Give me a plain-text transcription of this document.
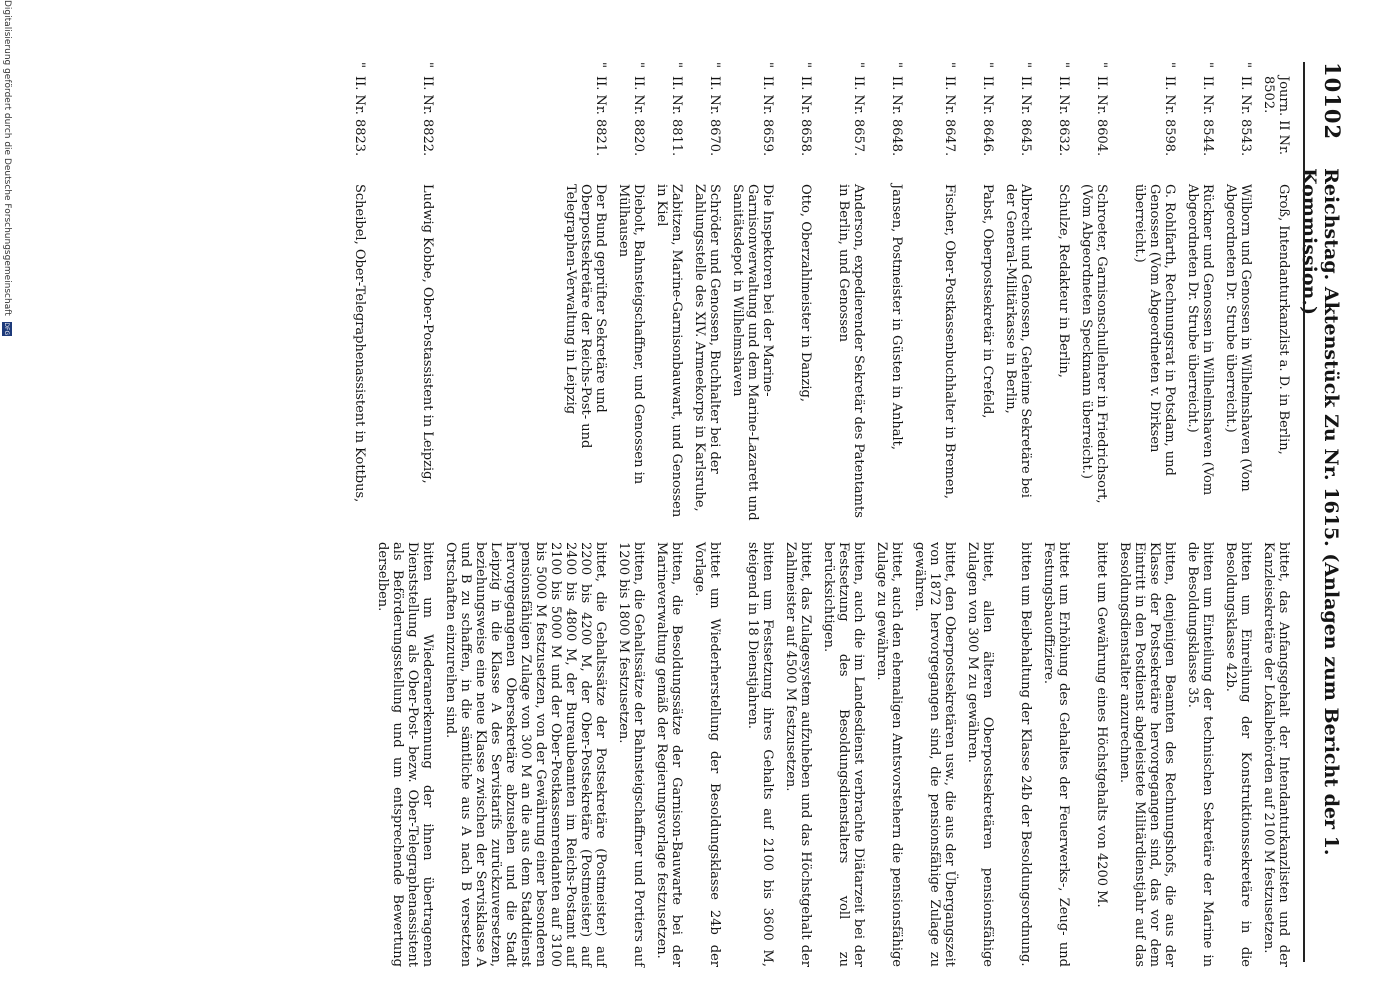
10102
Reichstag. Aktenstück Zu Nr. 1615. (Anlagen zum Bericht der 1. Kommission.)
Journ. II Nr. 8502.
Groß, Intendanturkanzlist a. D. in Berlin,
bittet, das Anfangsgehalt der Intendanturkanzlisten und der Kanzleisekretäre der Lokalbehörden auf 2100 M festzusetzen.
"
II. Nr. 8543.
Wilborn und Genossen in Wilhelmshaven (Vom Abgeordneten Dr. Strube überreicht.)
bitten um Einreihung der Konstruktionssekretäre in die Besoldungsklasse 42b.
"
II. Nr. 8544.
Rückner und Genossen in Wilhelmshaven (Vom Abgeordneten Dr. Strube überreicht.)
bitten um Einteilung der technischen Sekretäre der Marine in die Besoldungsklasse 35.
"
II. Nr. 8598.
G. Rohlfarth, Rechnungsrat in Potsdam, und Genossen (Vom Abgeordneten v. Dirksen überreicht.)
bitten, denjenigen Beamten des Rechnungshofs, die aus der Klasse der Postsekretäre hervorgegangen sind, das vor dem Eintritt in den Postdienst abgeleistete Militärdienstjahr auf das Besoldungsdienstalter anzurechnen.
"
II. Nr. 8604.
Schroeter, Garnisonschullehrer in Friedrichsort, (Vom Abgeordneten Speckmann überreicht.)
bittet um Gewährung eines Höchstgehalts von 4200 M.
"
II. Nr. 8632.
Schulze, Redakteur in Berlin,
bittet um Erhöhung des Gehaltes der Feuerwerks-, Zeug- und Festungsbauoffiziere.
"
II. Nr. 8645.
Albrecht und Genossen, Geheime Sekretäre bei der General-Militärkasse in Berlin,
bitten um Beibehaltung der Klasse 24b der Besoldungsordnung.
"
II. Nr. 8646.
Pabst, Oberpostsekretär in Crefeld,
bittet, allen älteren Oberpostsekretären pensionsfähige Zulagen von 300 M zu gewähren.
"
II. Nr. 8647.
Fischer, Ober-Postkassenbuchhalter in Bremen,
bittet, den Oberpostsekretären usw., die aus der Übergangszeit von 1872 hervorgegangen sind, die pensionsfähige Zulage zu gewähren.
"
II. Nr. 8648.
Jansen, Postmeister in Güsten in Anhalt,
bittet, auch den ehemaligen Amtsvorstehern die pensionsfähige Zulage zu gewähren.
"
II. Nr. 8657.
Anderson, expedierender Sekretär des Patentamts in Berlin, und Genossen
bitten, auch die im Landesdienst verbrachte Diätarzeit bei der Festsetzung des Besoldungsdienstalters voll zu berücksichtigen.
"
II. Nr. 8658.
Otto, Oberzahlmeister in Danzig,
bittet, das Zulagesystem aufzuheben und das Höchstgehalt der Zahlmeister auf 4500 M festzusetzen.
"
II. Nr. 8659.
Die Inspektoren bei der Marine-Garnisonverwaltung und dem Marine-Lazarett und Sanitätsdepot in Wilhelmshaven
bitten um Festsetzung ihres Gehalts auf 2100 bis 3600 M, steigend in 18 Dienstjahren.
"
II. Nr. 8670.
Schröder und Genossen, Buchhalter bei der Zahlungsstelle des XIV. Armeekorps in Karlsruhe,
bittet um Wiederherstellung der Besoldungsklasse 24b der Vorlage.
"
II. Nr. 8811.
Zabitzen, Marine-Garnisonbauwart, und Genossen in Kiel
bitten, die Besoldungssätze der Garnison-Bauwarte bei der Marineverwaltung gemäß der Regierungsvorlage festzusetzen.
"
II. Nr. 8820.
Diebolt, Bahnsteigschaffner, und Genossen in Mülhausen
bitten, die Gehaltssätze der Bahnsteigschaffner und Portiers auf 1200 bis 1800 M festzusetzen.
"
II. Nr. 8821.
Der Bund geprüfter Sekretäre und Oberpostsekretäre der Reichs-Post- und Telegraphen-Verwaltung in Leipzig
bittet, die Gehaltssätze der Postsekretäre (Postmeister) auf 2200 bis 4200 M, der Ober-Postsekretäre (Postmeister) auf 2400 bis 4800 M, der Bureaubeamten im Reichs-Postamt auf 2100 bis 5000 M und der Ober-Postkassenrendanten auf 3100 bis 5000 M festzusetzen, von der Gewährung einer besonderen pensionsfähigen Zulage von 300 M an die aus dem Stadtdienst hervorgegangenen Obersekretäre abzusehen und die Stadt Leipzig in die Klasse A des Servistarifs zurückzuversetzen, beziehungsweise eine neue Klasse zwischen der Servisklasse A und B zu schaffen, in die sämtliche aus A nach B versetzten Ortschaften einzureihen sind.
"
II. Nr. 8822.
Ludwig Kobbe, Ober-Postassistent in Leipzig,
bitten um Wiederanerkennung der ihnen übertragenen Dienststellung als Ober-Post- bezw. Ober-Telegraphenassistent als Beförderungsstellung und um entsprechende Bewertung derselben.
"
II. Nr. 8823.
Scheibel, Ober-Telegraphenassistent in Kottbus,
Digitalisierung gefördert durch die Deutsche Forschungsgemeinschaft
DFG
